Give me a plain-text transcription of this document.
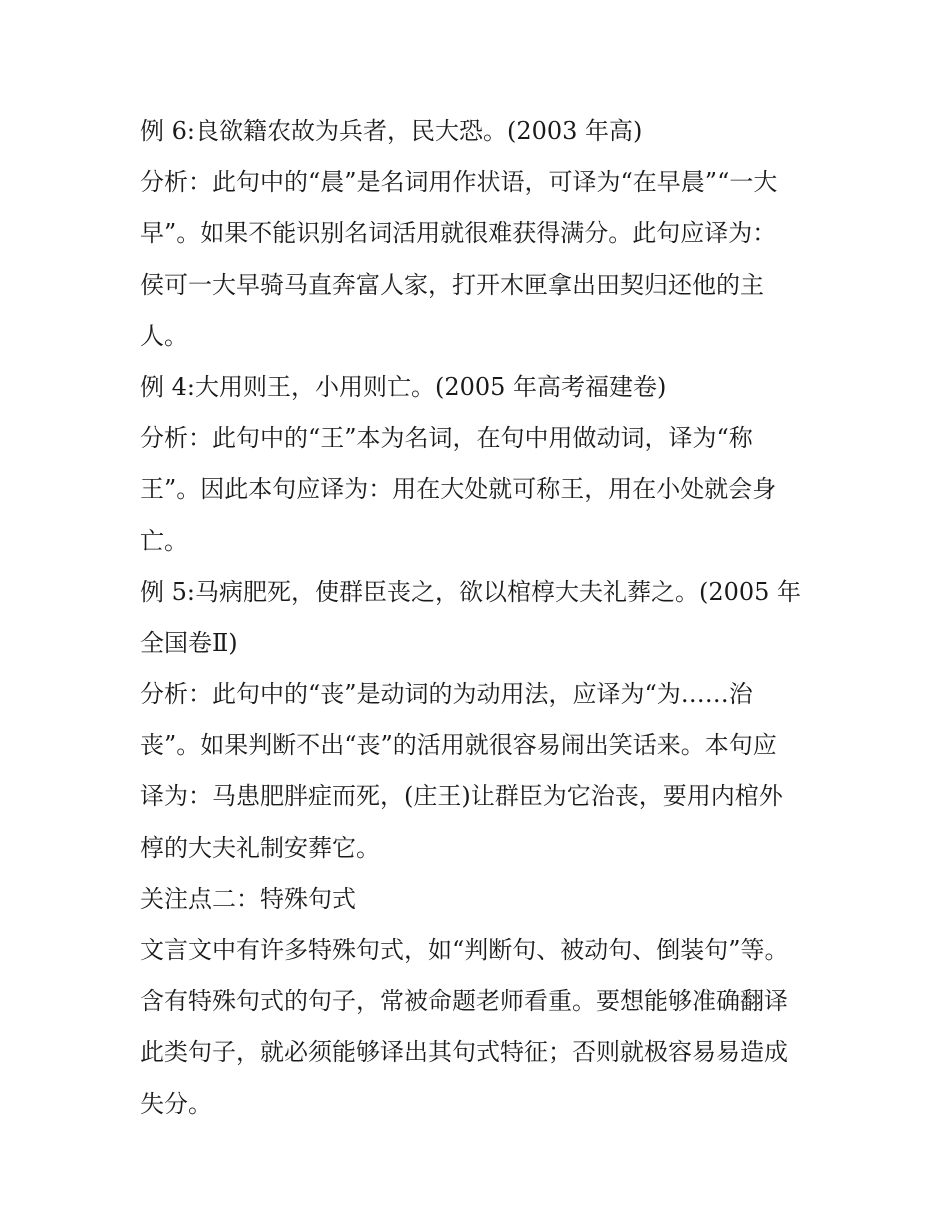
例 6:良欲籍农故为兵者，民大恐。(2003 年高)
分析：此句中的“晨”是名词用作状语，可译为“在早晨”“一大
早”。如果不能识别名词活用就很难获得满分。此句应译为：
侯可一大早骑马直奔富人家，打开木匣拿出田契归还他的主
人。
例 4:大用则王，小用则亡。(2005 年高考福建卷)
分析：此句中的“王”本为名词，在句中用做动词，译为“称
王”。因此本句应译为：用在大处就可称王，用在小处就会身
亡。
例 5:马病肥死，使群臣丧之，欲以棺椁大夫礼葬之。(2005 年
全国卷Ⅱ)
分析：此句中的“丧”是动词的为动用法，应译为“为……治
丧”。如果判断不出“丧”的活用就很容易闹出笑话来。本句应
译为：马患肥胖症而死，(庄王)让群臣为它治丧，要用内棺外
椁的大夫礼制安葬它。
关注点二：特殊句式
文言文中有许多特殊句式，如“判断句、被动句、倒装句”等。
含有特殊句式的句子，常被命题老师看重。要想能够准确翻译
此类句子，就必须能够译出其句式特征；否则就极容易易造成
失分。
